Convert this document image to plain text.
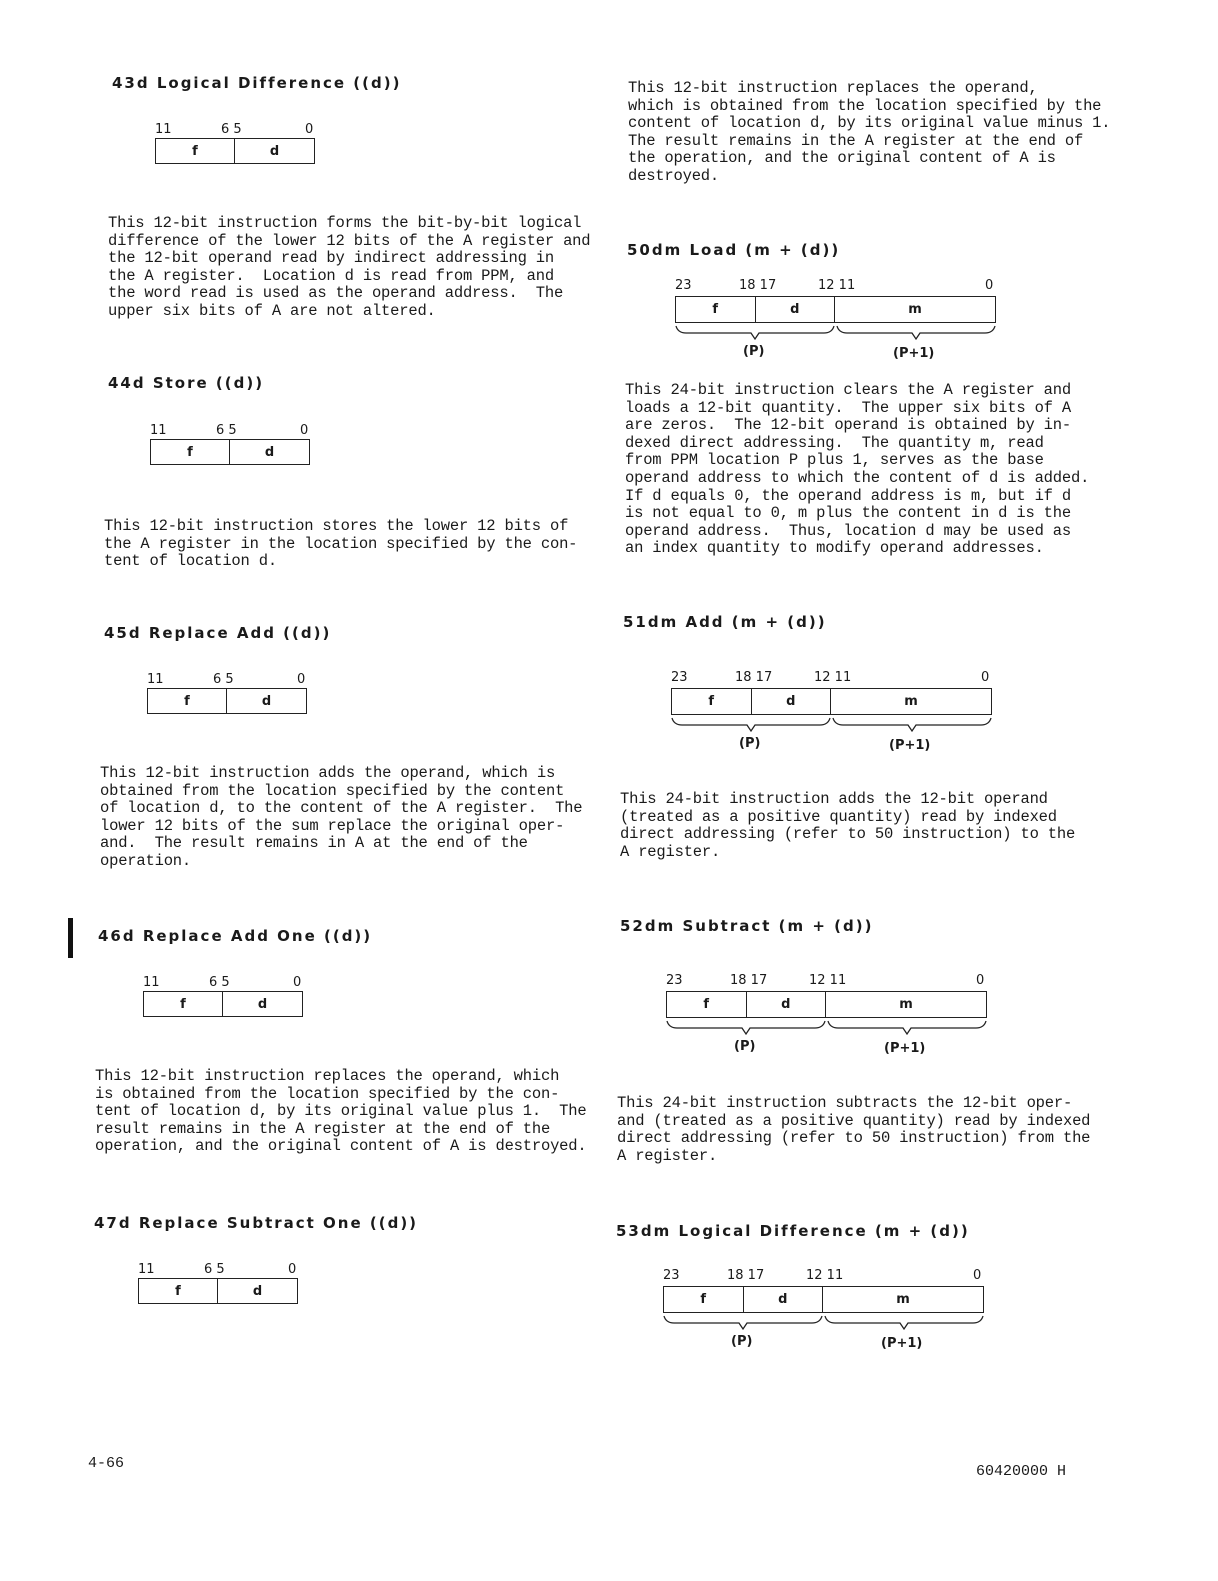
This 12-bit instruction replaces the operand,
which is obtained from the location specified by the
content of location d, by its original value minus 1.
The result remains in the A register at the end of
the operation, and the original content of A is
destroyed.
4-66	60420000 H
43d Logical Difference ((d))
11	6 5	0
f	d
This 12-bit instruction forms the bit-by-bit logical
difference of the lower 12 bits of the A register and
the 12-bit operand read by indirect addressing in
the A register.  Location d is read from PPM, and
the word read is used as the operand address.  The
upper six bits of A are not altered.
44d Store ((d))
11	6 5	0
f	d
This 12-bit instruction stores the lower 12 bits of
the A register in the location specified by the con-
tent of location d.
45d Replace Add ((d))
11	6 5	0
f	d
This 12-bit instruction adds the operand, which is
obtained from the location specified by the content
of location d, to the content of the A register.  The
lower 12 bits of the sum replace the original oper-
and.  The result remains in A at the end of the
operation.
46d Replace Add One ((d))
11	6 5	0
f	d
This 12-bit instruction replaces the operand, which
is obtained from the location specified by the con-
tent of location d, by its original value plus 1.  The
result remains in the A register at the end of the
operation, and the original content of A is destroyed.
47d Replace Subtract One ((d))
11	6 5	0
f	d
50dm Load (m + (d))
23	18 17	12 11	0
f	d	m
(P)	(P+1)
This 24-bit instruction clears the A register and
loads a 12-bit quantity.  The upper six bits of A
are zeros.  The 12-bit operand is obtained by in-
dexed direct addressing.  The quantity m, read
from PPM location P plus 1, serves as the base
operand address to which the content of d is added.
If d equals 0, the operand address is m, but if d
is not equal to 0, m plus the content in d is the
operand address.  Thus, location d may be used as
an index quantity to modify operand addresses.
51dm Add (m + (d))
23	18 17	12 11	0
f	d	m
(P)	(P+1)
This 24-bit instruction adds the 12-bit operand
(treated as a positive quantity) read by indexed
direct addressing (refer to 50 instruction) to the
A register.
52dm Subtract (m + (d))
23	18 17	12 11	0
f	d	m
(P)	(P+1)
This 24-bit instruction subtracts the 12-bit oper-
and (treated as a positive quantity) read by indexed
direct addressing (refer to 50 instruction) from the
A register.
53dm Logical Difference (m + (d))
23	18 17	12 11	0
f	d	m
(P)	(P+1)
